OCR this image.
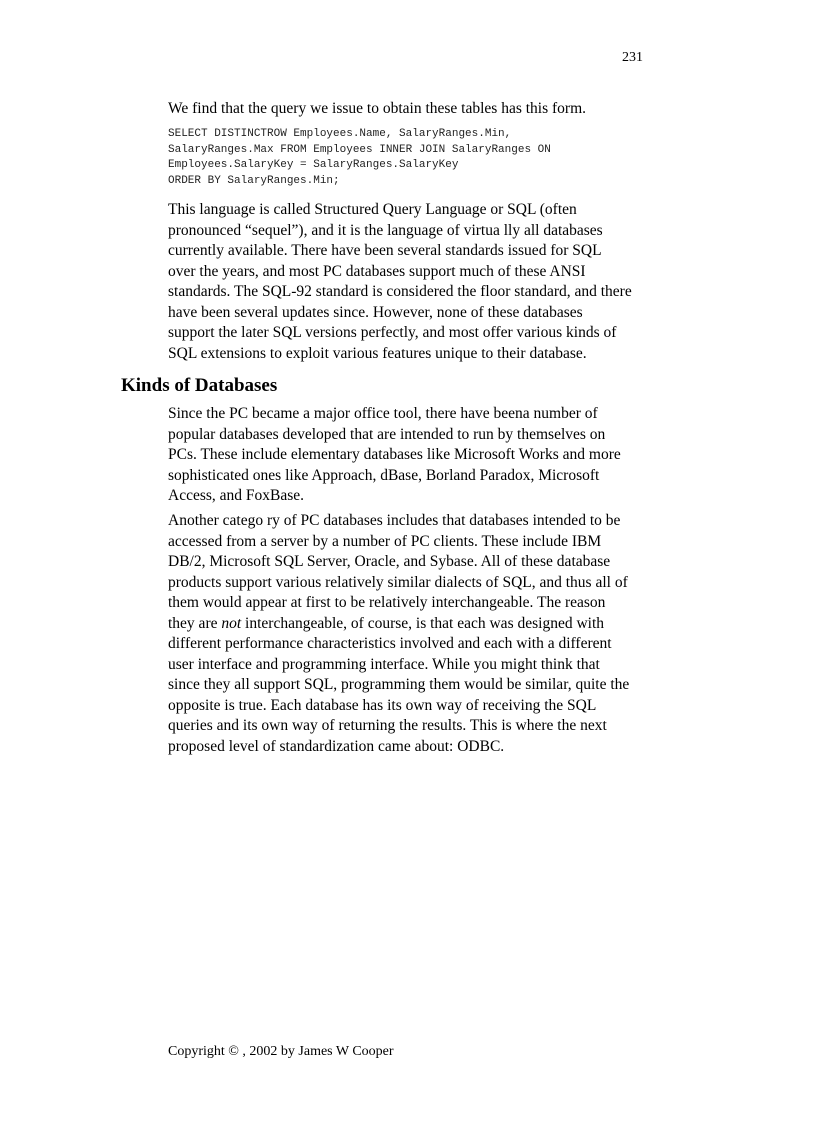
231

We find that the query we issue to obtain these tables has this form.

SELECT DISTINCTROW Employees.Name, SalaryRanges.Min,
SalaryRanges.Max FROM Employees INNER JOIN SalaryRanges ON
Employees.SalaryKey = SalaryRanges.SalaryKey
ORDER BY SalaryRanges.Min;

This language is called Structured Query Language or SQL (often
pronounced “sequel”), and it is the language of virtua lly all databases
currently available. There have been several standards issued for SQL
over the years, and most PC databases support much of these ANSI
standards. The SQL-92 standard is considered the floor standard, and there
have been several updates since. However, none of these databases
support the later SQL versions perfectly, and most offer various kinds of
SQL extensions to exploit various features unique to their database.

Kinds of Databases

Since the PC became a major office tool, there have beena number of
popular databases developed that are intended to run by themselves on
PCs. These include elementary databases like Microsoft Works and more
sophisticated ones like Approach, dBase, Borland Paradox, Microsoft
Access, and FoxBase.

Another catego ry of PC databases includes that databases intended to be
accessed from a server by a number of PC clients. These include IBM
DB/2, Microsoft SQL Server, Oracle, and Sybase. All of these database
products support various relatively similar dialects of SQL, and thus all of
them would appear at first to be relatively interchangeable. The reason
they are not interchangeable, of course, is that each was designed with
different performance characteristics involved and each with a different
user interface and programming interface. While you might think that
since they all support SQL, programming them would be similar, quite the
opposite is true. Each database has its own way of receiving the SQL
queries and its own way of returning the results. This is where the next
proposed level of standardization came about: ODBC.

Copyright © , 2002 by James W Cooper
